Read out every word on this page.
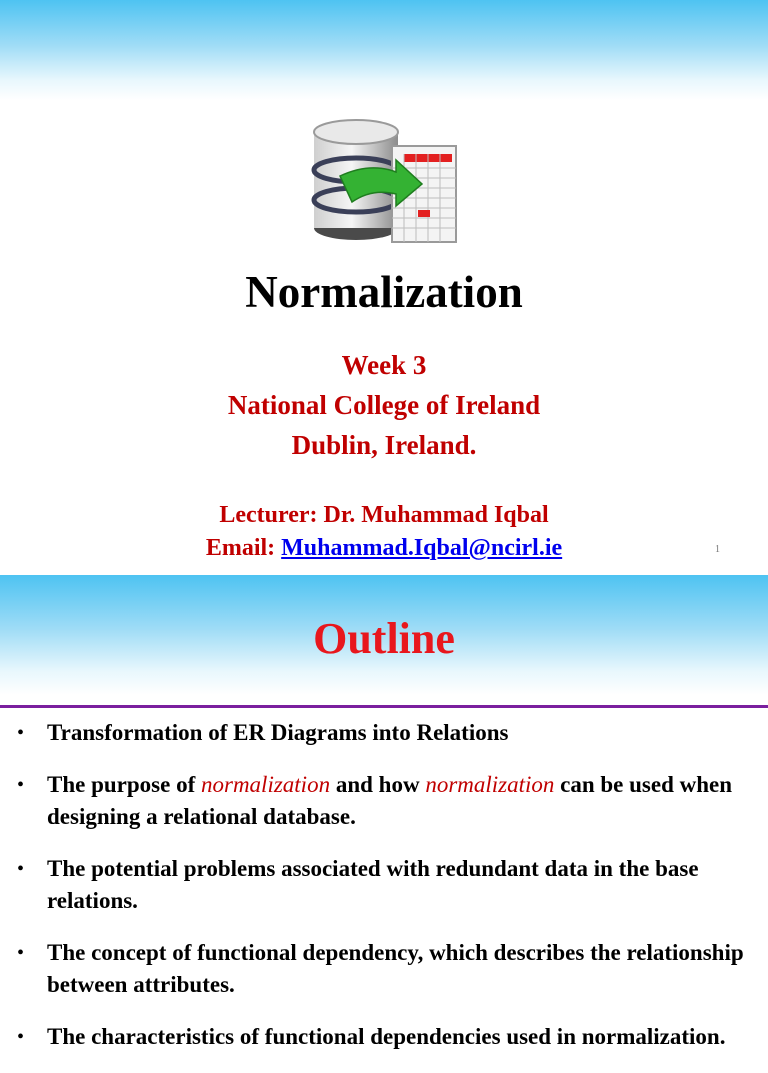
Normalization
Week 3
National College of Ireland
Dublin, Ireland.
Lecturer: Dr. Muhammad Iqbal
Email: Muhammad.Iqbal@ncirl.ie	1
Outline
• Transformation of ER Diagrams into Relations
• The purpose of normalization and how normalization can be used when designing a relational database.
• The potential problems associated with redundant data in the base relations.
• The concept of functional dependency, which describes the relationship between attributes.
• The characteristics of functional dependencies used in normalization.
